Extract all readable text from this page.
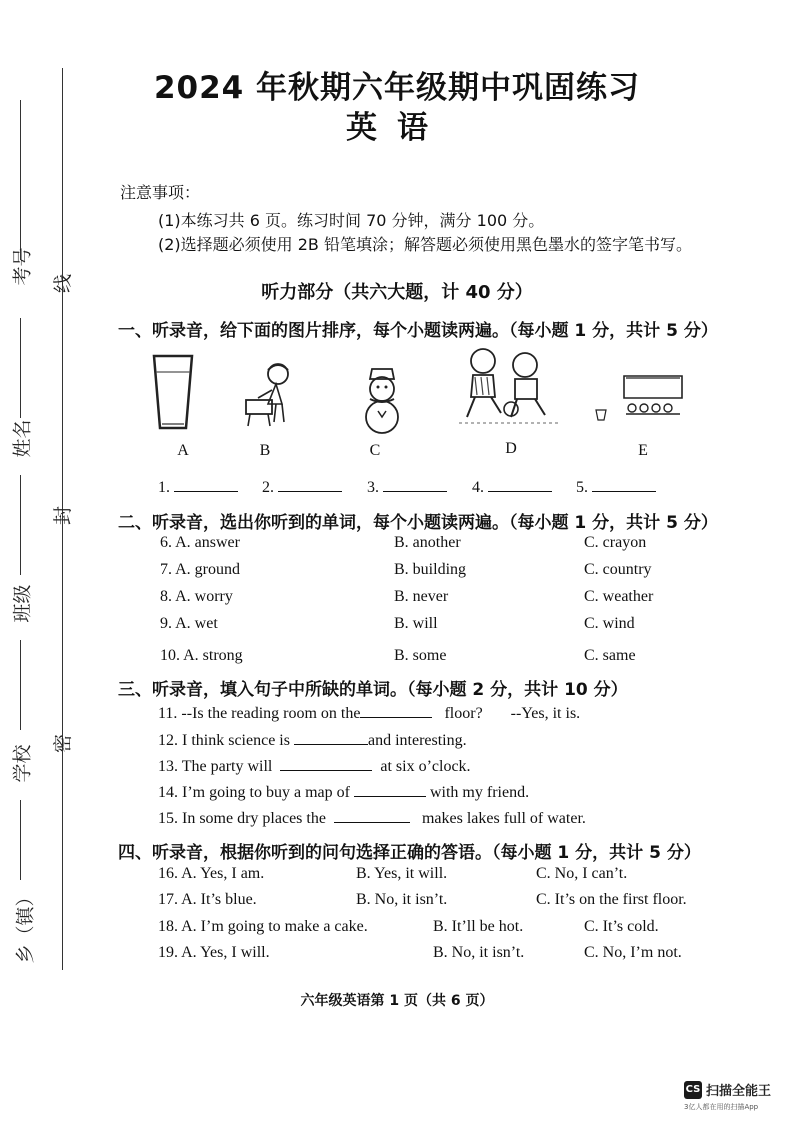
考号 线
姓名
封
班级
密
学校
乡（镇）
2024 年秋期六年级期中巩固练习
英语
注意事项：
(1)本练习共 6 页。练习时间 70 分钟，满分 100 分。
(2)选择题必须使用 2B 铅笔填涂；解答题必须使用黑色墨水的签字笔书写。
听力部分（共六大题，计 40 分）
一、听录音，给下面的图片排序，每个小题读两遍。（每小题 1 分，共计 5 分）
A	B	C	D	E
1.	2.	3.	4.	5.
二、听录音，选出你听到的单词，每个小题读两遍。（每小题 1 分，共计 5 分）
6. A. answer	B. another	C. crayon
7. A. ground	B. building	C. country
8. A. worry	B. never	C. weather
9. A. wet	B. will	C. wind
10. A. strong	B. some	C. same
三、听录音，填入句子中所缺的单词。（每小题 2 分，共计 10 分）
11. --Is the reading room on the	floor? --Yes, it is.
12. I think science is	and interesting.
13. The party will	at six o’clock.
14. I’m going to buy a map of	with my friend.
15. In some dry places the	makes lakes full of water.
四、听录音，根据你听到的问句选择正确的答语。（每小题 1 分，共计 5 分）
16. A. Yes, I am.	B. Yes, it will.	C. No, I can’t.
17. A. It’s blue.	B. No, it isn’t.	C. It’s on the first floor.
18. A. I’m going to make a cake.	B. It’ll be hot.	C. It’s cold.
19. A. Yes, I will.	B. No, it isn’t.	C. No, I’m not.
六年级英语第 1 页（共 6 页）
CS 扫描全能王
3亿人都在用的扫描App
